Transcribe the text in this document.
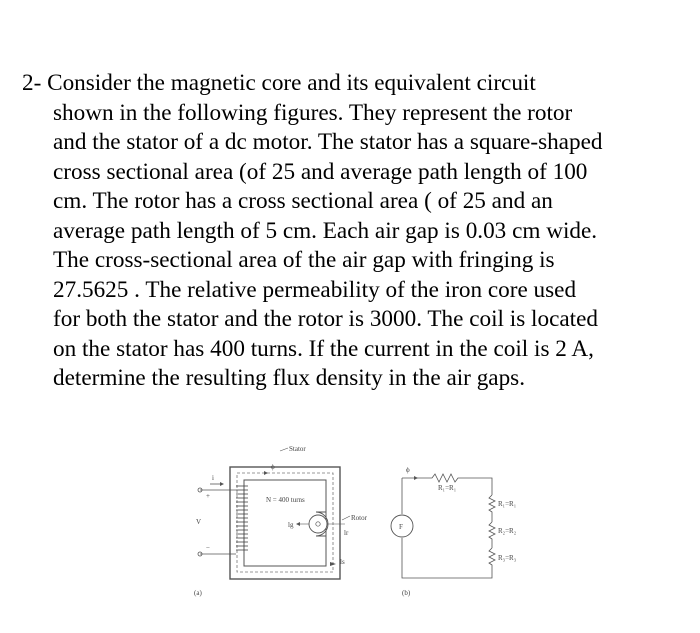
2- Consider the magnetic core and its equivalent circuit
shown in the following figures. They represent the rotor
and the stator of a dc motor. The stator has a square-shaped
cross sectional area (of 25 and average path length of 100
cm. The rotor has a cross sectional area ( of 25 and an
average path length of 5 cm. Each air gap is 0.03 cm wide.
The cross-sectional area of the air gap with fringing is
27.5625 . The relative permeability of the iron core used
for both the stator and the rotor is 3000. The coil is located
on the stator has 400 turns. If the current in the coil is 2 A,
determine the resulting flux density in the air gaps.
Stator
Rotor
N = 400 turns
i
V
+
−
ϕ
lg
lr
ls
(a)
F
ϕ
R₁=R₁
R₁=R₁
R₂=R₂
R₃=R₃
(b)
